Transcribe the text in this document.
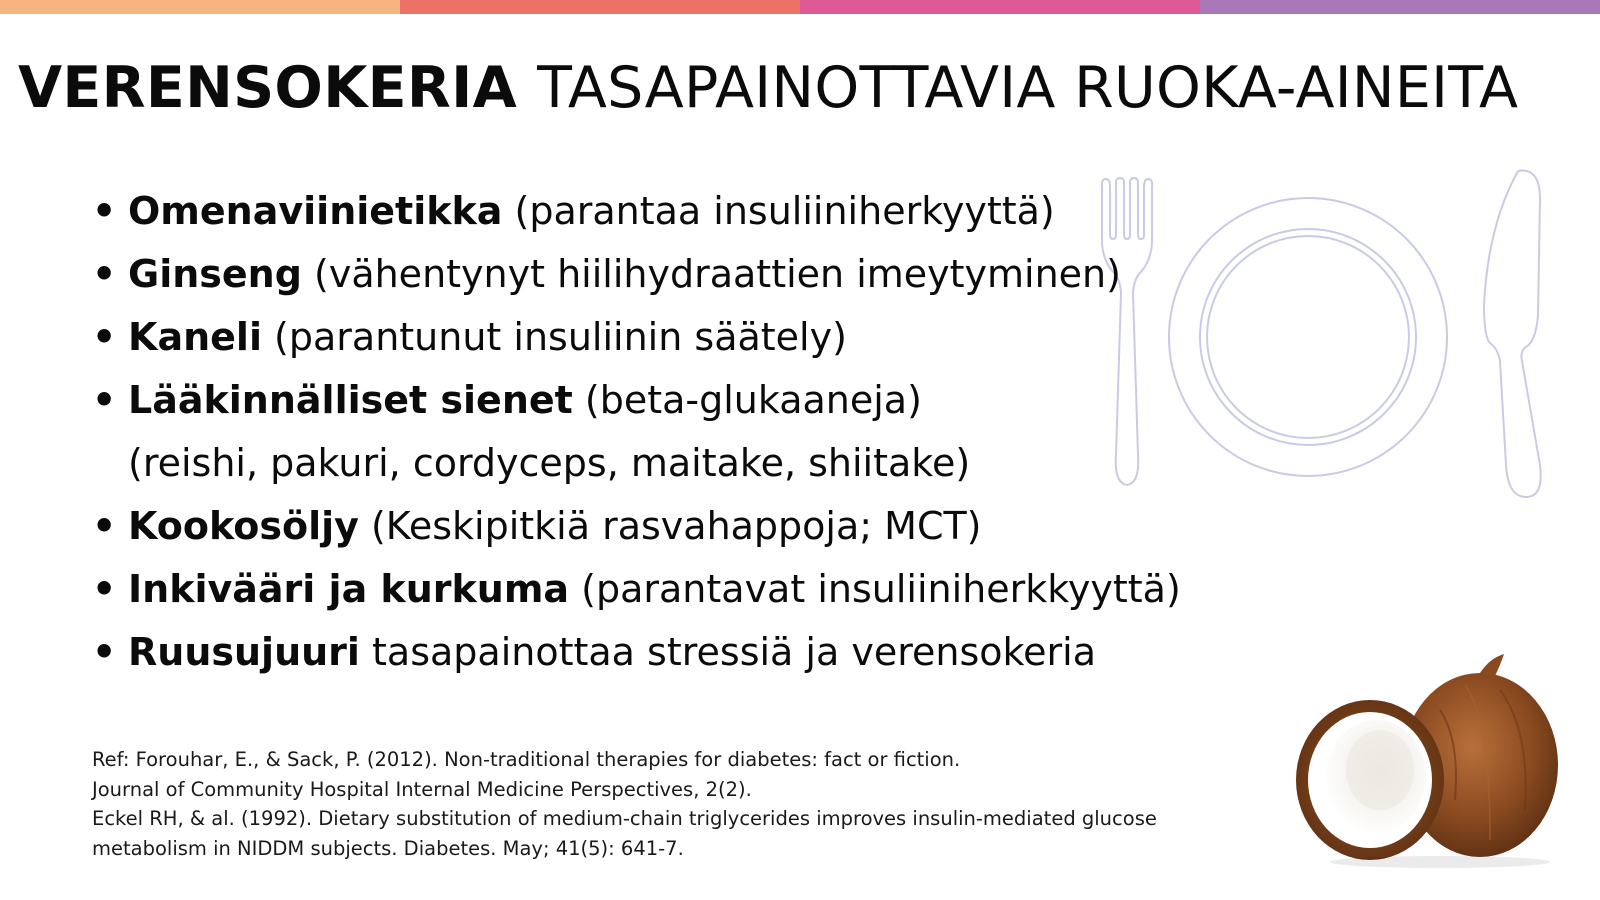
VERENSOKERIA TASAPAINOTTAVIA RUOKA-AINEITA
• Omenaviinietikka (parantaa insuliiniherkyyttä)
• Ginseng (vähentynyt hiilihydraattien imeytyminen)
• Kaneli (parantunut insuliinin säätely)
• Lääkinnälliset sienet (beta-glukaaneja)
(reishi, pakuri, cordyceps, maitake, shiitake)
• Kookosöljy (Keskipitkiä rasvahappoja; MCT)
• Inkivääri ja kurkuma (parantavat insuliiniherkkyyttä)
• Ruusujuuri tasapainottaa stressiä ja verensokeria
Ref: Forouhar, E., & Sack, P. (2012). Non-traditional therapies for diabetes: fact or fiction.
Journal of Community Hospital Internal Medicine Perspectives, 2(2).
Eckel RH, & al. (1992). Dietary substitution of medium-chain triglycerides improves insulin-mediated glucose
metabolism in NIDDM subjects. Diabetes. May; 41(5): 641-7.
